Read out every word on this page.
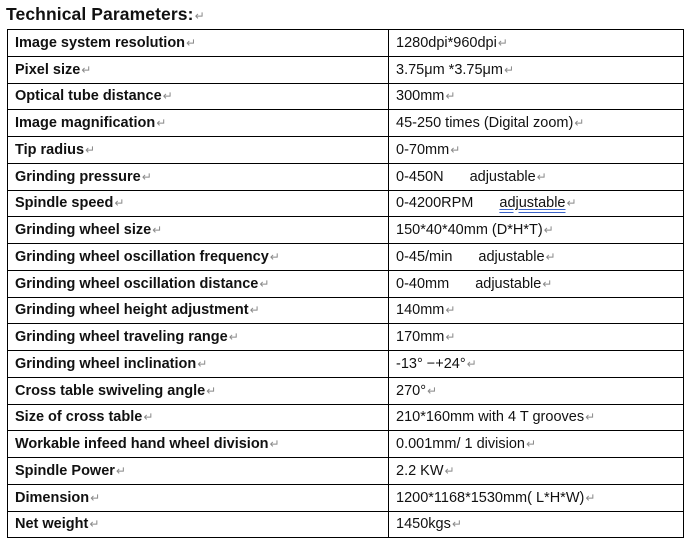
Technical Parameters:↵
Image system resolution↵	1280dpi*960dpi↵
Pixel size↵	3.75μm *3.75μm↵
Optical tube distance↵	300mm↵
Image magnification↵	45-250 times (Digital zoom)↵
Tip radius↵	0-70mm↵
Grinding pressure↵	0-450N adjustable↵
Spindle speed↵	0-4200RPM adjustable↵
Grinding wheel size↵	150*40*40mm (D*H*T)↵
Grinding wheel oscillation frequency↵	0-45/min adjustable↵
Grinding wheel oscillation distance↵	0-40mm adjustable↵
Grinding wheel height adjustment↵	140mm↵
Grinding wheel traveling range↵	170mm↵
Grinding wheel inclination↵	-13° −+24°↵
Cross table swiveling angle↵	270°↵
Size of cross table↵	210*160mm with 4 T grooves↵
Workable infeed hand wheel division↵	0.001mm/ 1 division↵
Spindle Power↵	2.2 KW↵
Dimension↵	1200*1168*1530mm( L*H*W)↵
Net weight↵	1450kgs↵
